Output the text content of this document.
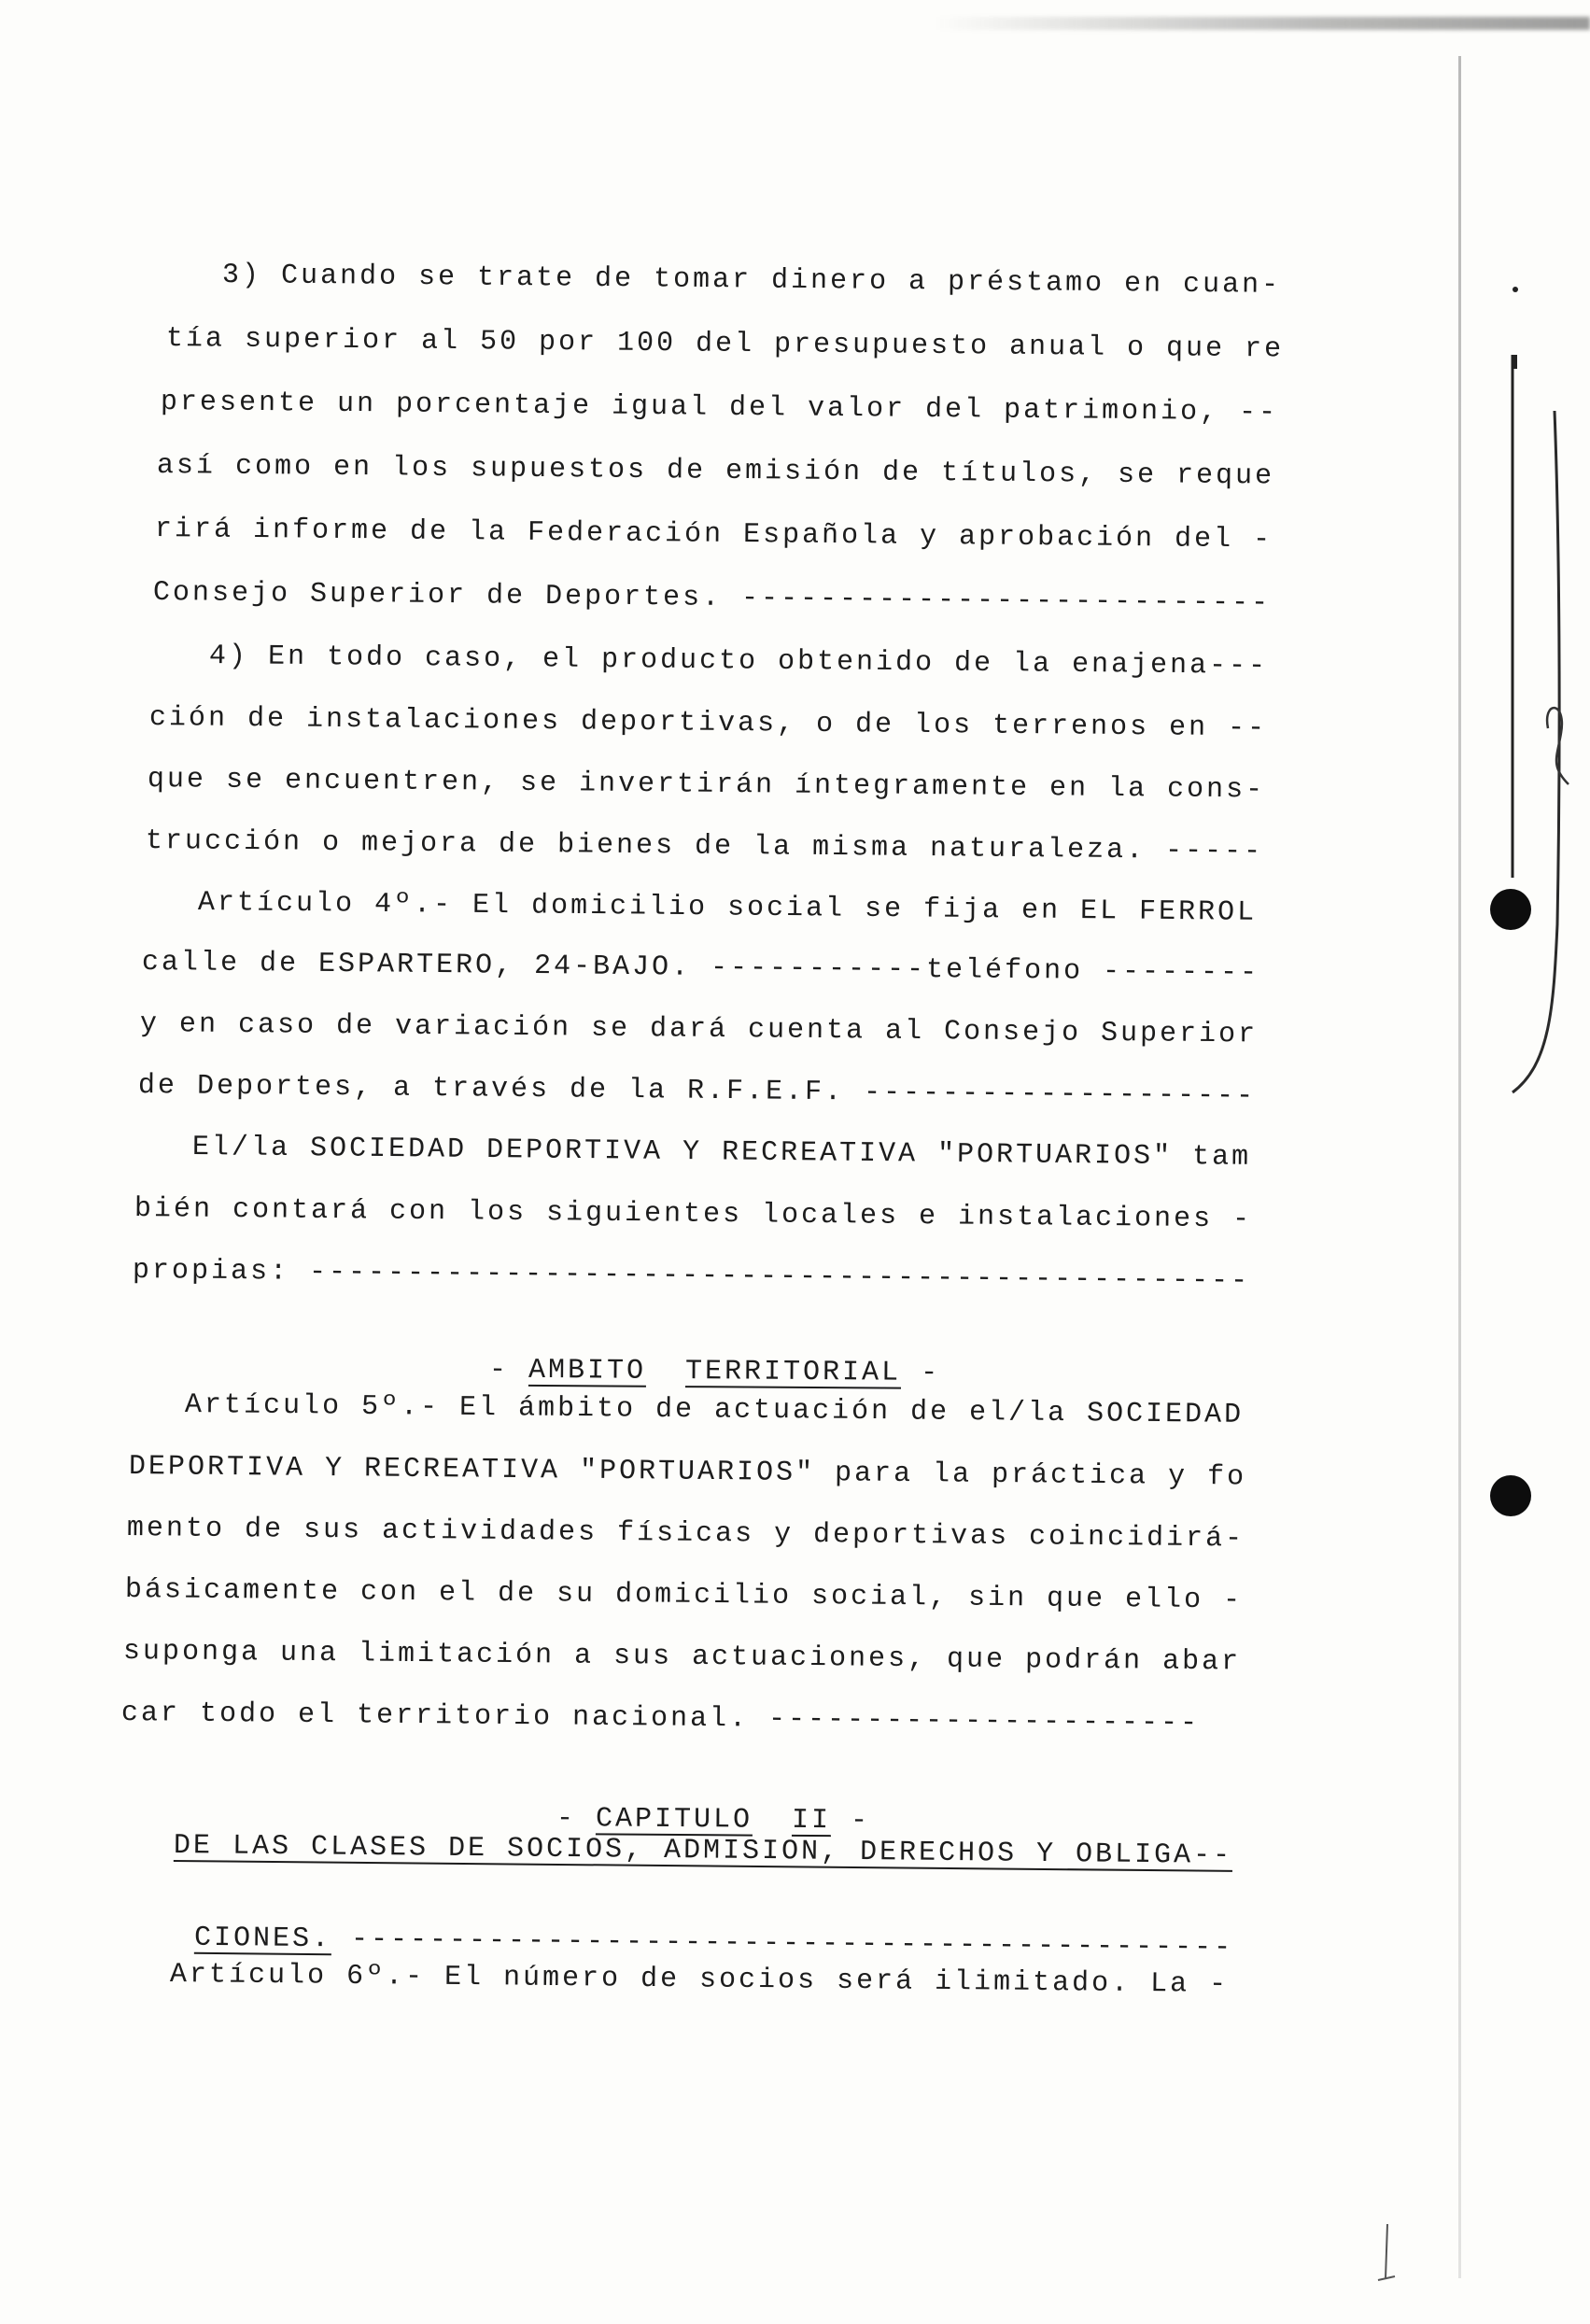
3) Cuando se trate de tomar dinero a préstamo en cuan-
tía superior al 50 por 100 del presupuesto anual o que re
presente un porcentaje igual del valor del patrimonio, --
así como en los supuestos de emisión de títulos, se reque
rirá informe de la Federación Española y aprobación del -
Consejo Superior de Deportes. ---------------------------
4) En todo caso, el producto obtenido de la enajena---
ción de instalaciones deportivas, o de los terrenos en --
que se encuentren, se invertirán íntegramente en la cons-
trucción o mejora de bienes de la misma naturaleza. -----
Artículo 4º.- El domicilio social se fija en EL FERROL
calle de ESPARTERO, 24-BAJO. -----------teléfono --------
y en caso de variación se dará cuenta al Consejo Superior
de Deportes, a través de la R.F.E.F. --------------------
El/la SOCIEDAD DEPORTIVA Y RECREATIVA "PORTUARIOS" tam
bién contará con los siguientes locales e instalaciones -
propias: ------------------------------------------------

- AMBITO TERRITORIAL -

Artículo 5º.- El ámbito de actuación de el/la SOCIEDAD
DEPORTIVA Y RECREATIVA "PORTUARIOS" para la práctica y fo
mento de sus actividades físicas y deportivas coincidirá-
básicamente con el de su domicilio social, sin que ello -
suponga una limitación a sus actuaciones, que podrán abar
car todo el territorio nacional. ----------------------

- CAPITULO II -

DE LAS CLASES DE SOCIOS, ADMISION, DERECHOS Y OBLIGA--

CIONES. ---------------------------------------------

Artículo 6º.- El número de socios será ilimitado. La -
